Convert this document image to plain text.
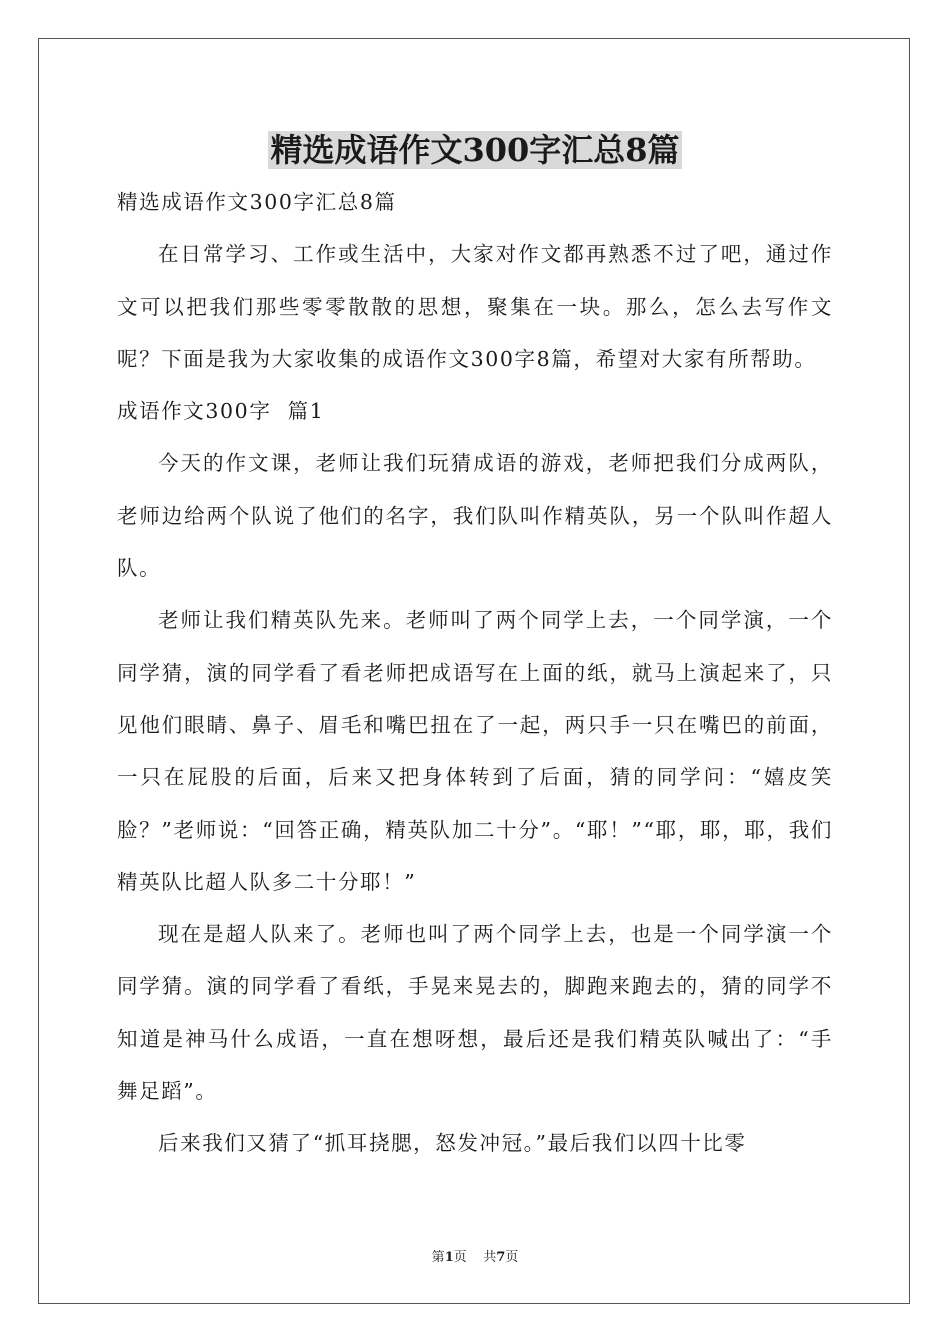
精选成语作文300字汇总8篇

精选成语作文300字汇总8篇

在日常学习、工作或生活中，大家对作文都再熟悉不过了吧，通过作文可以把我们那些零零散散的思想，聚集在一块。那么，怎么去写作文呢？下面是我为大家收集的成语作文300字8篇，希望对大家有所帮助。

成语作文300字  篇1

今天的作文课，老师让我们玩猜成语的游戏，老师把我们分成两队，老师边给两个队说了他们的名字，我们队叫作精英队，另一个队叫作超人队。

老师让我们精英队先来。老师叫了两个同学上去，一个同学演，一个同学猜，演的同学看了看老师把成语写在上面的纸，就马上演起来了，只见他们眼睛、鼻子、眉毛和嘴巴扭在了一起，两只手一只在嘴巴的前面，一只在屁股的后面，后来又把身体转到了后面，猜的同学问：“嬉皮笑脸？”老师说：“回答正确，精英队加二十分”。“耶！”“耶，耶，耶，我们精英队比超人队多二十分耶！”

现在是超人队来了。老师也叫了两个同学上去，也是一个同学演一个同学猜。演的同学看了看纸，手晃来晃去的，脚跑来跑去的，猜的同学不知道是神马什么成语，一直在想呀想，最后还是我们精英队喊出了：“手舞足蹈”。

后来我们又猜了“抓耳挠腮，怒发冲冠。”最后我们以四十比零

第1页    共7页
